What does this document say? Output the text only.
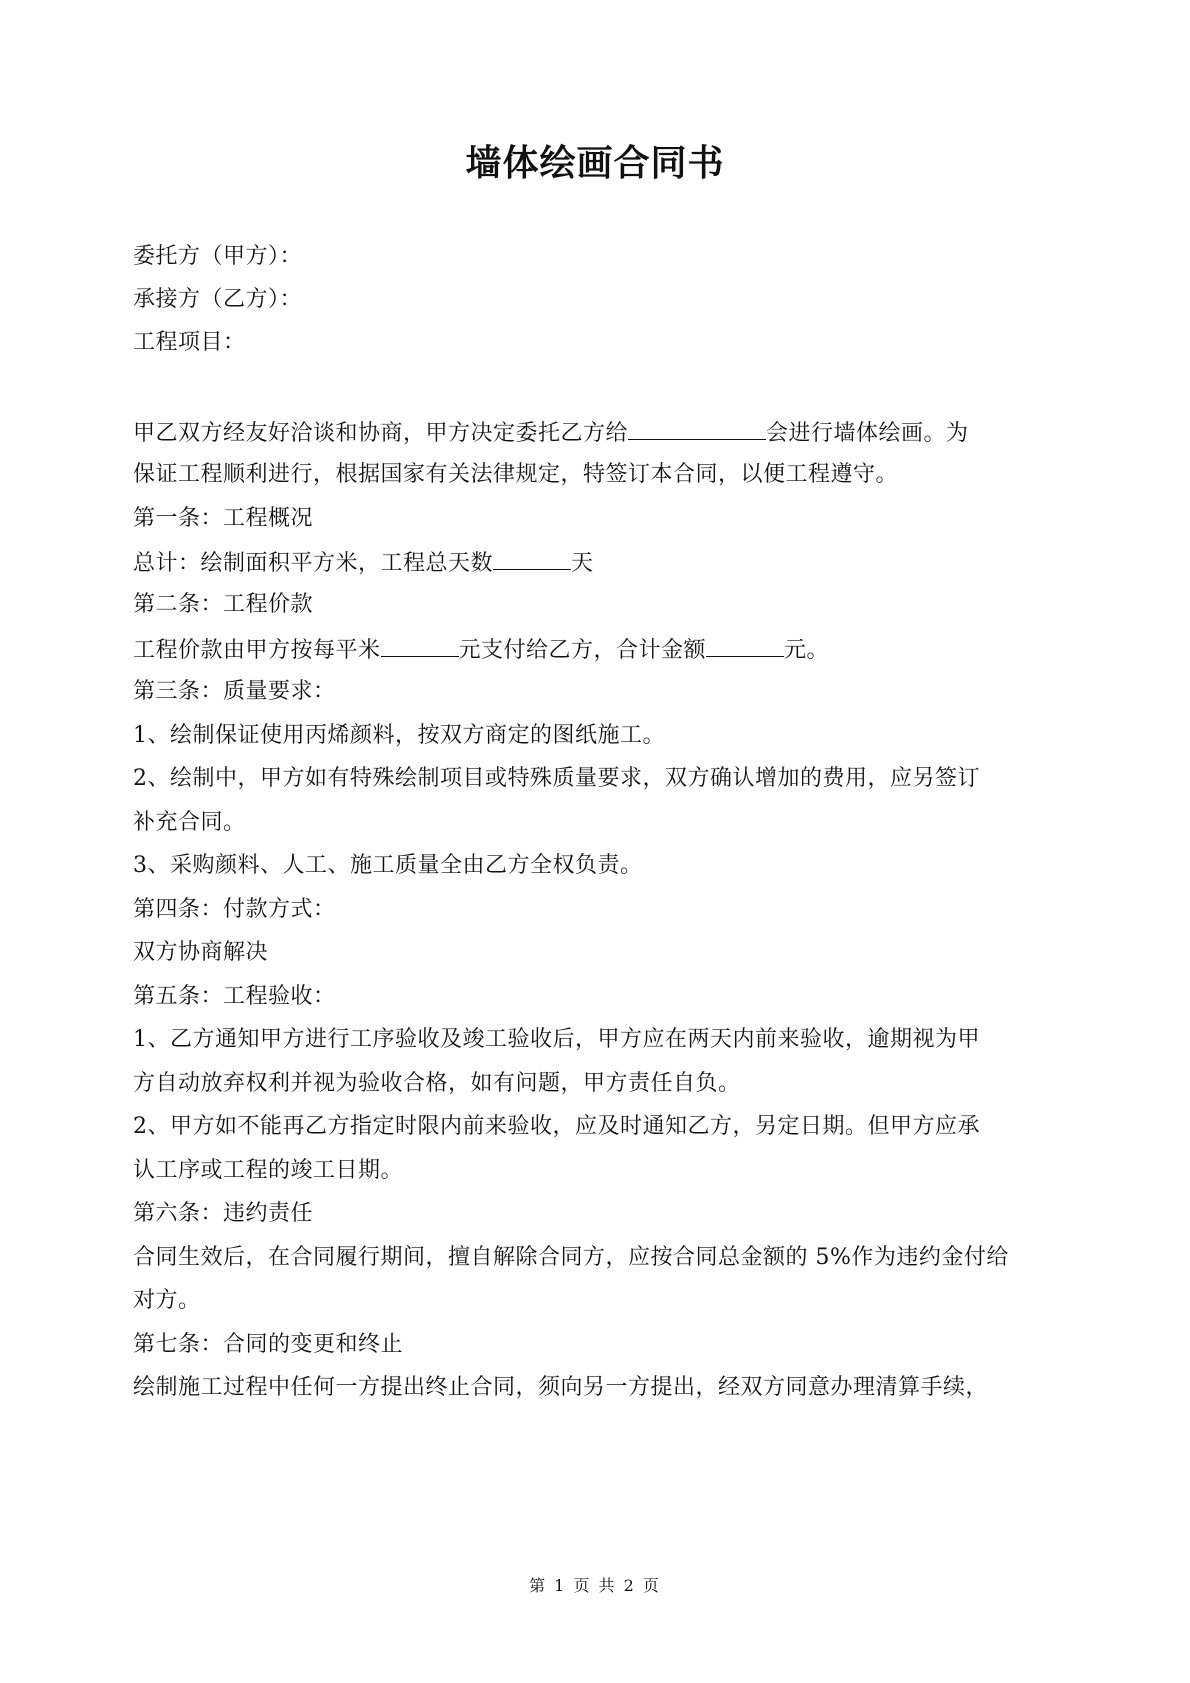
墙体绘画合同书
委托方（甲方）：
承接方（乙方）：
工程项目：
甲乙双方经友好洽谈和协商，甲方决定委托乙方给	会进行墙体绘画。为
保证工程顺利进行，根据国家有关法律规定，特签订本合同，以便工程遵守。
第一条：工程概况
总计：绘制面积平方米，工程总天数	天
第二条：工程价款
工程价款由甲方按每平米	元支付给乙方，合计金额	元。
第三条：质量要求：
1、绘制保证使用丙烯颜料，按双方商定的图纸施工。
2、绘制中，甲方如有特殊绘制项目或特殊质量要求，双方确认增加的费用，应另签订
补充合同。
3、采购颜料、人工、施工质量全由乙方全权负责。
第四条：付款方式：
双方协商解决
第五条：工程验收：
1、乙方通知甲方进行工序验收及竣工验收后，甲方应在两天内前来验收，逾期视为甲
方自动放弃权利并视为验收合格，如有问题，甲方责任自负。
2、甲方如不能再乙方指定时限内前来验收，应及时通知乙方，另定日期。但甲方应承
认工序或工程的竣工日期。
第六条：违约责任
合同生效后，在合同履行期间，擅自解除合同方，应按合同总金额的 5%作为违约金付给
对方。
第七条：合同的变更和终止
绘制施工过程中任何一方提出终止合同，须向另一方提出，经双方同意办理清算手续，
第 1 页 共 2 页
